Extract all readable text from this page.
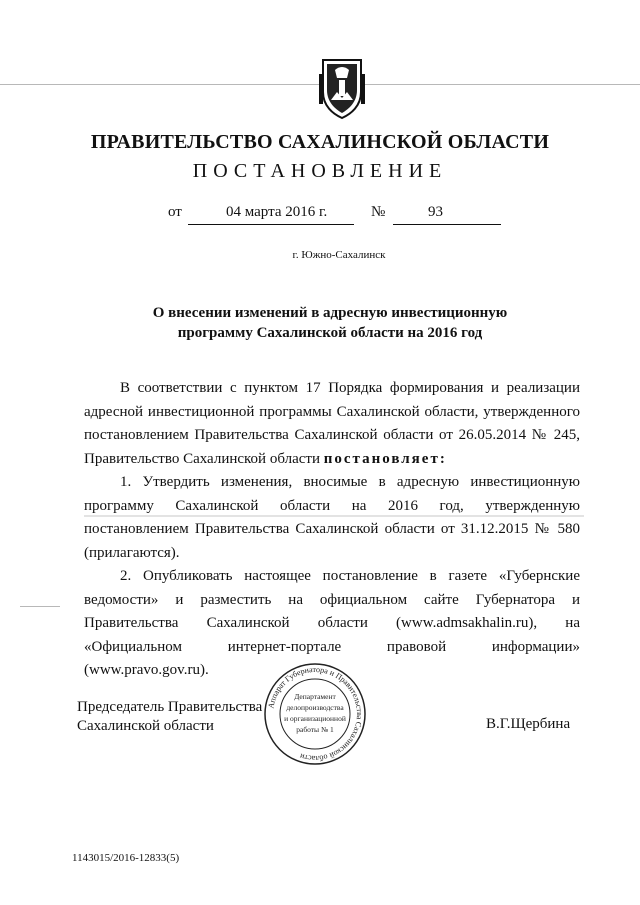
ПРАВИТЕЛЬСТВО САХАЛИНСКОЙ ОБЛАСТИ
ПОСТАНОВЛЕНИЕ
от	04 марта 2016 г.	№	93
г. Южно-Сахалинск
О внесении изменений в адресную инвестиционную
программу Сахалинской области на 2016 год

В соответствии с пунктом 17 Порядка формирования и реализации адресной инвестиционной программы Сахалинской области, утвержденного постановлением Правительства Сахалинской области от 26.05.2014 № 245, Правительство Сахалинской области постановляет:

1. Утвердить изменения, вносимые в адресную инвестиционную программу Сахалинской области на 2016 год, утвержденную постановлением Правительства Сахалинской области от 31.12.2015 № 580 (прилагаются).

2. Опубликовать настоящее постановление в газете «Губернские ведомости» и разместить на официальном сайте Губернатора и Правительства Сахалинской области (www.admsakhalin.ru), на «Официальном интернет-портале правовой информации» (www.pravo.gov.ru).

Председатель Правительства
Сахалинской области	В.Г.Щербина
Аппарат Губернатора и Правительства Сахалинской области
Департамент
делопроизводства
и организационной
работы № 1
1143015/2016-12833(5)
